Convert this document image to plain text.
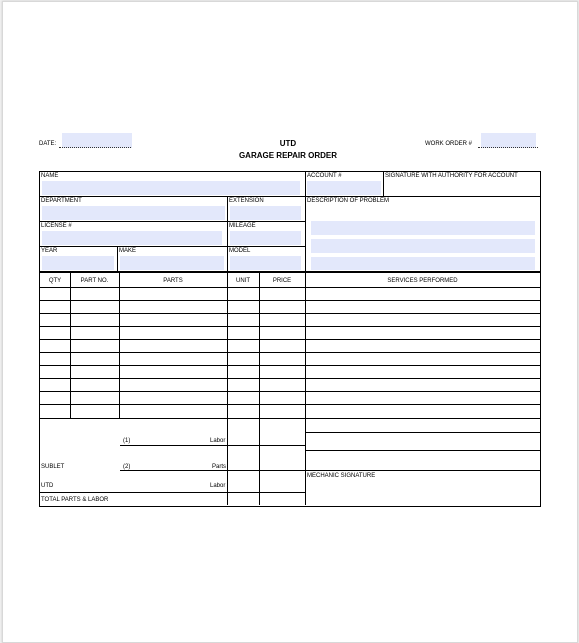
DATE:	UTD
GARAGE REPAIR ORDER
WORK ORDER #
NAME	ACCOUNT #	SIGNATURE WITH AUTHORITY FOR ACCOUNT
DEPARTMENT	EXTENSION	DESCRIPTION OF PROBLEM
LICENSE #	MILEAGE
YEAR	MAKE	MODEL
QTY	PART NO.	PARTS	UNIT	PRICE	SERVICES PERFORMED
(1)	Labor
SUBLET	(2)	Parts
UTD	Labor
TOTAL PARTS & LABOR
MECHANIC SIGNATURE
